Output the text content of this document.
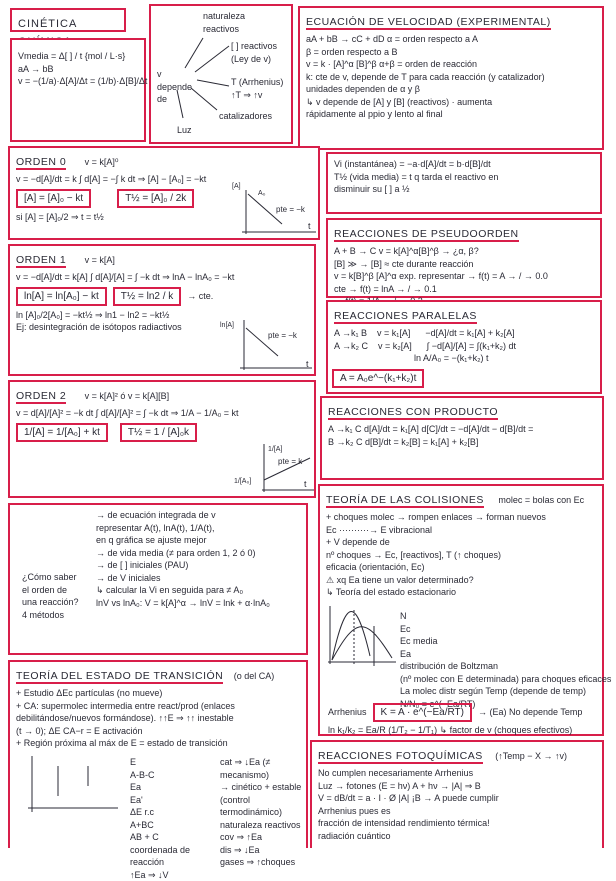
CINÉTICA
Vmedia = Δ[ ] / t {mol / L·s}
aA → bB
v = −(1/a)·Δ[A]/Δt = (1/b)·Δ[B]/Δt
naturaleza reactivos
[ ] reactivos (Ley de v)
v depende de
T (Arrhenius) ↑T ⇒ ↑v
catalizadores
Luz
ECUACIÓN DE VELOCIDAD (EXPERIMENTAL)
aA + bB → cC + dD α = orden respecto a A
β = orden respecto a B
v = k · [A]^α [B]^β α+β = orden de reacción
k: cte de v, depende de T para cada reacción (y catalizador)
unidades dependen de α y β
↳ v depende de [A] y [B] (reactivos) · aumenta
rápidamente al ppio y lento al final
ORDEN 0 v = k[A]⁰
v = −d[A]/dt = k ∫ d[A] = −∫ k dt ⇒ [A] − [A₀] = −kt
[A] = [A]₀ − kt	T½ = [A]₀ / 2k
si [A] = [A]₀/2 ⇒ t = t½
[A]
A₀
pte = −k
t
Vi (instantánea) = −a·d[A]/dt = b·d[B]/dt
T½ (vida media) = t q tarda el reactivo en
disminuir su [ ] a ½
REACCIONES DE PSEUDOORDEN
A + B → C v = k[A]^α[B]^β → ¿α, β?
[B] ≫ → [B] ≈ cte durante reacción
v = k[B]^β [A]^α exp. representar → f(t) = A → / → 0.0
cte → f(t) = lnA → / → 0.1
ORDEN 1 v = k[A]
v = −d[A]/dt = k[A] ∫ d[A]/[A] = ∫ −k dt ⇒ lnA − lnA₀ = −kt
ln[A] = ln[A₀] − kt	T½ = ln2 / k	→ cte.
ln [A]₀/2[A₀] = −kt½ ⇒ ln1 − ln2 = −kt½
Ej: desintegración de isótopos radiactivos	ln[A]
pte = −k
t
REACCIONES PARALELAS
A →k₁ B    v = k₁[A]      −d[A]/dt = k₁[A] + k₂[A]
A →k₂ C    v = k₂[A]      ∫ −d[A]/[A] = ∫(k₁+k₂) dt
ln A/A₀ = −(k₁+k₂) t
A = A₀e^−(k₁+k₂)t
ORDEN 2 v = k[A]² ó v = k[A][B]
v = d[A]/[A]² = −k dt ∫ d[A]/[A]² = ∫ −k dt ⇒ 1/A − 1/A₀ = kt
1/[A] = 1/[A₀] + kt	T½ = 1 / [A]₀k
1/[A]
1/[A₀]
pte = k
t
REACCIONES CON PRODUCTO
A →k₁ C d[A]/dt = k₁[A] d[C]/dt = −d[A]/dt − d[B]/dt =
B →k₂ C d[B]/dt = k₂[B] = k₁[A] + k₂[B]
¿Cómo saber
el orden de
una reacción?
4 métodos
→ de ecuación integrada de v
representar A(t), lnA(t), 1/A(t),
en q gráfica se ajuste mejor
→ de vida media (≠ para orden 1, 2 ó 0)
→ de [ ] iniciales (PAU)
→ de V iniciales
↳ calcular la Vi en seguida para ≠ A₀
lnV vs lnA₀: V = k[A]^α → lnV = lnk + α·lnA₀
TEORÍA DE LAS COLISIONES molec = bolas con Ec
+ choques molec → rompen enlaces → forman nuevos
Ec ··········→ E vibracional
+ V depende de
nº choques → Ec, [reactivos], T (↑ choques)
eficacia (orientación, Ec)
⚠ xq Ea tiene un valor determinado?
↳ Teoría del estado estacionario
N
Ec
Ec media
Ea
distribución de Boltzman
(nº molec con E determinada) para choques eficaces
La molec distr según Temp (depende de temp)
N/N₀ = e^(−Ea/RT)
Arrhenius	K = A · e^(−Ea/RT)	→ (Ea) No depende Temp
ln k₁/k₂ = Ea/R (1/T₂ − 1/T₁) ↳ factor de v (choques efectivos)
TEORÍA DEL ESTADO DE TRANSICIÓN (o del CA)
+ Estudio ΔEc partículas (no mueve)
+ CA: supermolec intermedia entre react/prod (enlaces
debilitándose/nuevos formándose). ↑↑E ⇒ ↑↑ inestable
(t → 0); ΔE CA−r = E activación
+ Región próxima al máx de E = estado de transición
E
A-B-C
Ea
Ea'
ΔE r.c
A+BC
AB + C
coordenada de reacción
↑Ea ⇒ ↓V
cat ⇒ ↓Ea (≠ mecanismo)
→ cinético + estable (control termodinámico)
naturaleza reactivos
cov ⇒ ↑Ea
dis ⇒ ↓Ea
gases ⇒ ↑choques
REACCIONES FOTOQUÍMICAS (↑Temp − X → ↑v)
No cumplen necesariamente Arrhenius
Luz → fotones (E = hν) A + hν → |A| ⇒ B
V = dB/dt = a · I · Ø |A| ¡B → A puede cumplir
Arrhenius pues es
fracción de intensidad rendimiento térmica!
radiación cuántico
